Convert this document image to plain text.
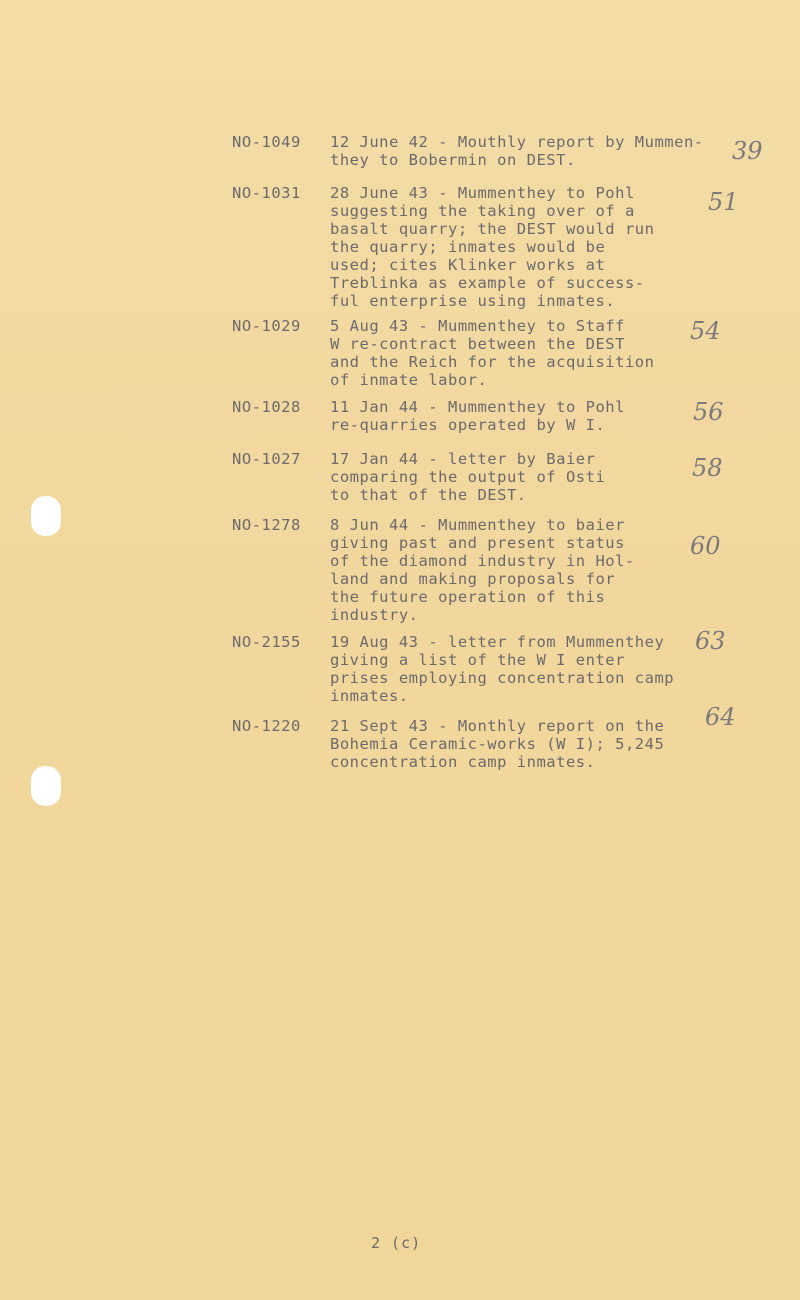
NO-1049 12 June 42 - Mouthly report by Mummen-
they to Bobermin on DEST.	39
NO-1031 28 June 43 - Mummenthey to Pohl
suggesting the taking over of a
basalt quarry; the DEST would run
the quarry; inmates would be
used; cites Klinker works at
Treblinka as example of success-
ful enterprise using inmates.
51
NO-1029 5 Aug 43 - Mummenthey to Staff
W re-contract between the DEST
and the Reich for the acquisition
of inmate labor.
54
NO-1028 11 Jan 44 - Mummenthey to Pohl
re-quarries operated by W I.	56
NO-1027 17 Jan 44 - letter by Baier
comparing the output of Osti
to that of the DEST.
58
NO-1278 8 Jun 44 - Mummenthey to baier
giving past and present status
of the diamond industry in Hol-
land and making proposals for
the future operation of this
industry.
60
NO-2155 19 Aug 43 - letter from Mummenthey
giving a list of the W I enter
prises employing concentration camp
inmates.
63
NO-1220 21 Sept 43 - Monthly report on the
Bohemia Ceramic-works (W I); 5,245
concentration camp inmates.
64
2 (c)
